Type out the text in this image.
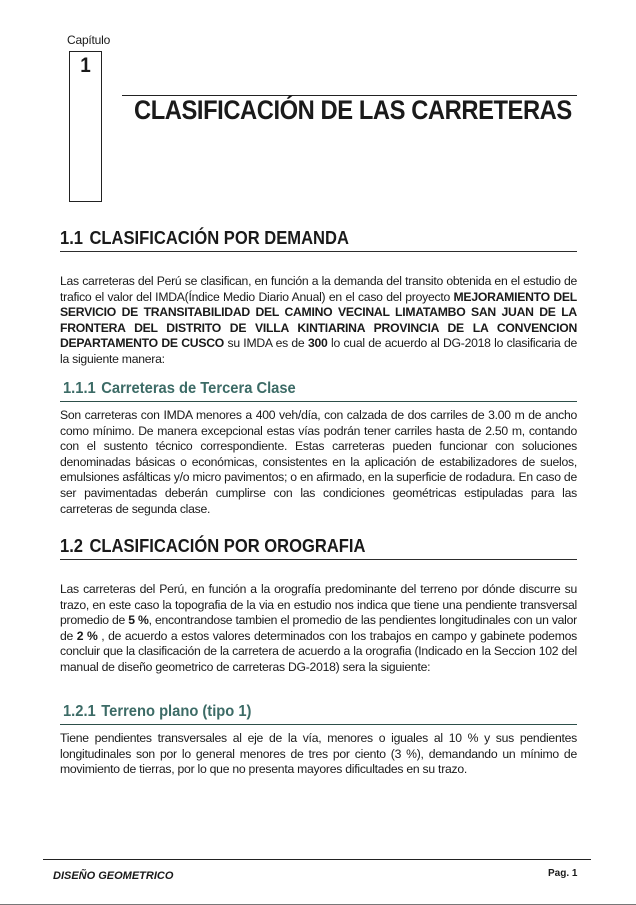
Capítulo
1
CLASIFICACIÓN DE LAS CARRETERAS
1.1 CLASIFICACIÓN POR DEMANDA

Las carreteras del Perú se clasifican, en función a la demanda del transito obtenida en el estudio de trafico el valor del IMDA(Índice Medio Diario Anual) en el caso del proyecto MEJORAMIENTO DEL SERVICIO DE TRANSITABILIDAD DEL CAMINO VECINAL LIMATAMBO SAN JUAN DE LA FRONTERA DEL DISTRITO DE VILLA KINTIARINA PROVINCIA DE LA CONVENCION DEPARTAMENTO DE CUSCO su IMDA es de 300 lo cual de acuerdo al DG-2018 lo clasificaria de la siguiente manera:

1.1.1 Carreteras de Tercera Clase

Son carreteras con IMDA menores a 400 veh/día, con calzada de dos carriles de 3.00 m de ancho como mínimo. De manera excepcional estas vías podrán tener carriles hasta de 2.50 m, contando con el sustento técnico correspondiente. Estas carreteras pueden funcionar con soluciones denominadas básicas o económicas, consistentes en la aplicación de estabilizadores de suelos, emulsiones asfálticas y/o micro pavimentos; o en afirmado, en la superficie de rodadura. En caso de ser pavimentadas deberán cumplirse con las condiciones geométricas estipuladas para las carreteras de segunda clase.

1.2 CLASIFICACIÓN POR OROGRAFIA

Las carreteras del Perú, en función a la orografía predominante del terreno por dónde discurre su trazo, en este caso la topografia de la via en estudio nos indica que tiene una pendiente transversal promedio de 5 %, encontrandose tambien el promedio de las pendientes longitudinales con un valor de 2 % , de acuerdo a estos valores determinados con los trabajos en campo y gabinete podemos concluir que la clasificación de la carretera de acuerdo a la orografia (Indicado en la Seccion 102 del manual de diseño geometrico de carreteras DG-2018) sera la siguiente:

1.2.1 Terreno plano (tipo 1)

Tiene pendientes transversales al eje de la vía, menores o iguales al 10 % y sus pendientes longitudinales son por lo general menores de tres por ciento (3 %), demandando un mínimo de movimiento de tierras, por lo que no presenta mayores dificultades en su trazo.

DISEÑO GEOMETRICO	Pag. 1
